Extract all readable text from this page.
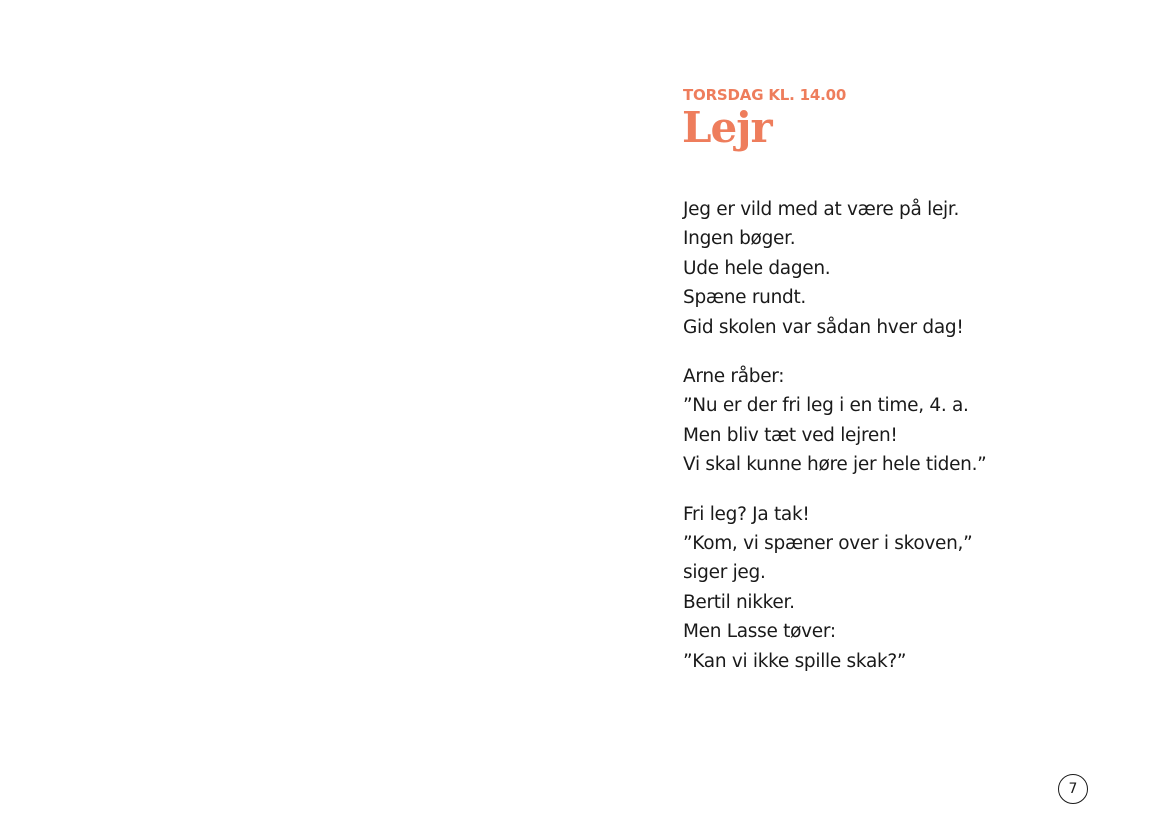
TORSDAG KL. 14.00
Lejr
Jeg er vild med at være på lejr.
Ingen bøger.
Ude hele dagen.
Spæne rundt.
Gid skolen var sådan hver dag!
Arne råber:
”Nu er der fri leg i en time, 4. a.
Men bliv tæt ved lejren!
Vi skal kunne høre jer hele tiden.”
Fri leg? Ja tak!
”Kom, vi spæner over i skoven,”
siger jeg.
Bertil nikker.
Men Lasse tøver:
”Kan vi ikke spille skak?”
7
